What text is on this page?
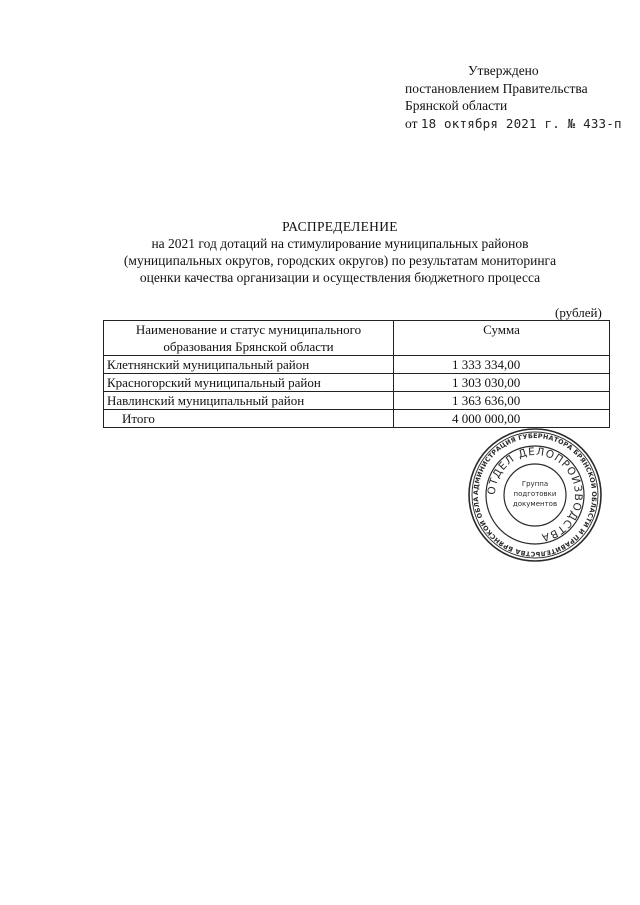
Утверждено
постановлением Правительства
Брянской области
от 18 октября 2021 г. № 433-п
РАСПРЕДЕЛЕНИЕ
на 2021 год дотаций на стимулирование муниципальных районов
(муниципальных округов, городских округов) по результатам мониторинга
оценки качества организации и осуществления бюджетного процесса
(рублей)
Наименование и статус муниципального образования Брянской области	Сумма
Клетнянский муниципальный район	1 333 334,00
Красногорский муниципальный район	1 303 030,00
Навлинский муниципальный район	1 363 636,00
Итого	4 000 000,00
АДМИНИСТРАЦИЯ ГУБЕРНАТОРА БРЯНСКОЙ ОБЛАСТИ И ПРАВИТЕЛЬСТВА БРЯНСКОЙ ОБЛА
ОТДЕЛ ДЕЛОПРОИЗВОДСТВА
Группа
подготовки
документов
